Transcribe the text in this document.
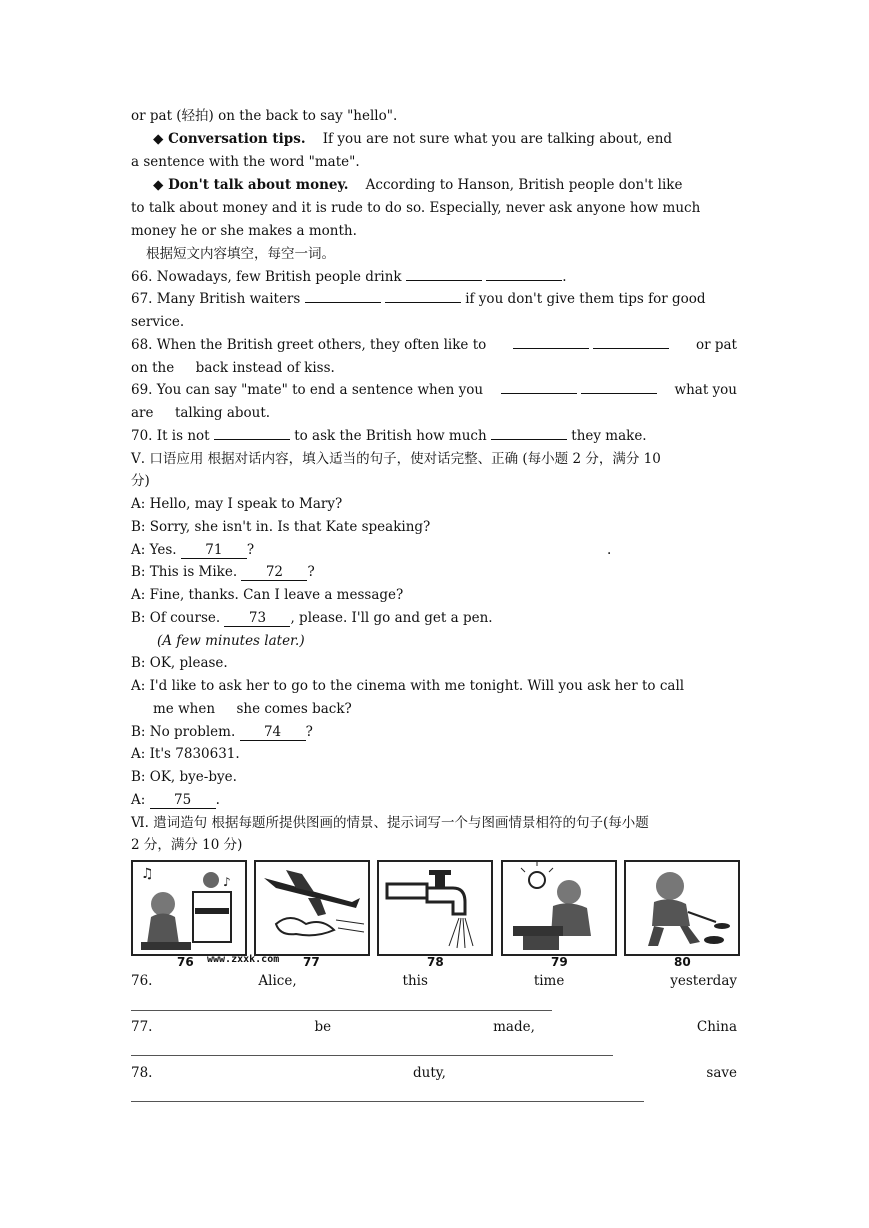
or pat (轻拍) on the back to say "hello".
◆ Conversation tips. If you are not sure what you are talking about, end
a sentence with the word "mate".
◆ Don't talk about money. According to Hanson, British people don't like
to talk about money and it is rude to do so. Especially, never ask anyone how much
money he or she makes a month.
根据短文内容填空，每空一词。
66. Nowadays, few British people drink	.
67. Many British waiters	if you don't give them tips for good
service.
68. When the British greet others, they often like to
	or pat
on the     back instead of kiss.
69. You can say "mate" to end a sentence when you
	what you
are     talking about.
70. It is not	to ask the British how much	they make.
Ⅴ. 口语应用 根据对话内容，填入适当的句子，使对话完整、正确 (每小题 2 分，满分 10
分)
A: Hello, may I speak to Mary?
B: Sorry, she isn't in. Is that Kate speaking?
A: Yes. 71 ?	.
B: This is Mike. 72 ?
A: Fine, thanks. Can I leave a message?
B: Of course. 73 , please. I'll go and get a pen.
(A few minutes later.)
B: OK, please.
A: I'd like to ask her to go to the cinema with me tonight. Will you ask her to call
me when     she comes back?
B: No problem. 74 ?
A: It's 7830631.
B: OK, bye-bye.
A: 75 .
Ⅵ. 遣词造句 根据每题所提供图画的情景、提示词写一个与图画情景相符的句子(每小题
2 分，满分 10 分)
♫	♪
76 www.zxxk.com 77	78	79	80
76.	Alice,	this	time	yesterday
77.	be	made,	China
78.	duty,	save
